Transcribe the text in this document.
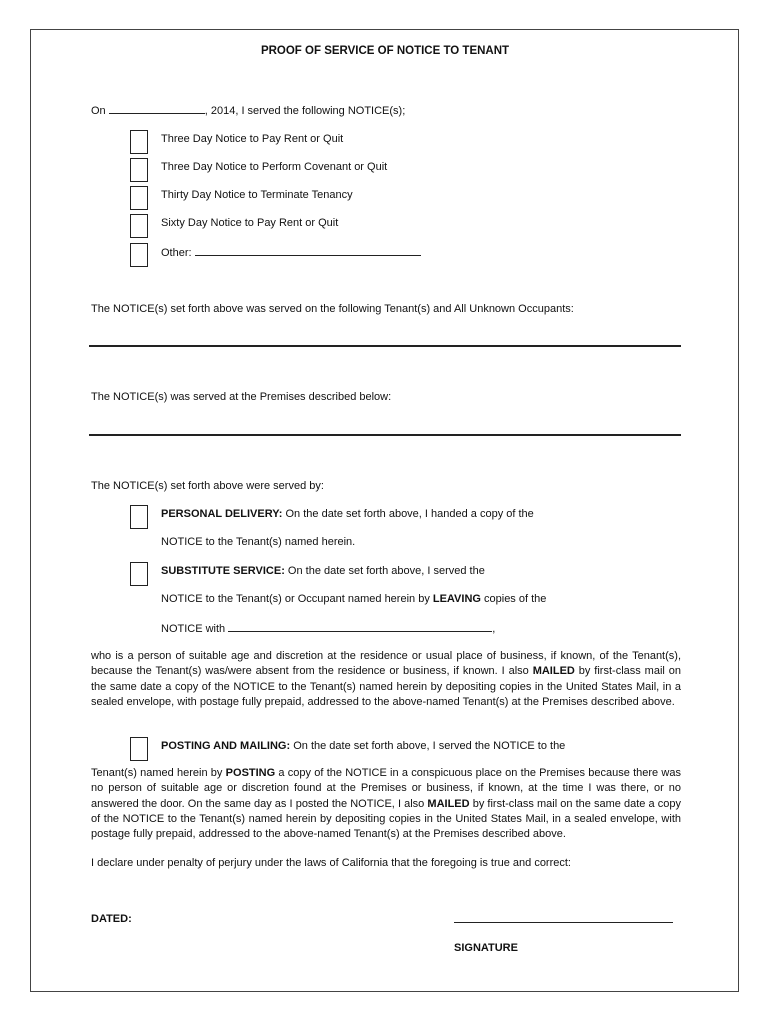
PROOF OF SERVICE OF NOTICE TO TENANT
On	, 2014, I served the following NOTICE(s);
Three Day Notice to Pay Rent or Quit
Three Day Notice to Perform Covenant or Quit
Thirty Day Notice to Terminate Tenancy
Sixty Day Notice to Pay Rent or Quit
Other:
The NOTICE(s) set forth above was served on the following Tenant(s) and All Unknown Occupants:
The NOTICE(s) was served at the Premises described below:
The NOTICE(s) set forth above were served by:
PERSONAL DELIVERY: On the date set forth above, I handed a copy of the
NOTICE to the Tenant(s) named herein.
SUBSTITUTE SERVICE: On the date set forth above, I served the
NOTICE to the Tenant(s) or Occupant named herein by LEAVING copies of the
NOTICE with	,
who is a person of suitable age and discretion at the residence or usual place of business, if known, of the Tenant(s), because the Tenant(s) was/were absent from the residence or business, if known. I also MAILED by first-class mail on the same date a copy of the NOTICE to the Tenant(s) named herein by depositing copies in the United States Mail, in a sealed envelope, with postage fully prepaid, addressed to the above-named Tenant(s) at the Premises described above.
POSTING AND MAILING: On the date set forth above, I served the NOTICE to the
Tenant(s) named herein by POSTING a copy of the NOTICE in a conspicuous place on the Premises because there was no person of suitable age or discretion found at the Premises or business, if known, at the time I was there, or no answered the door. On the same day as I posted the NOTICE, I also MAILED by first-class mail on the same date a copy of the NOTICE to the Tenant(s) named herein by depositing copies in the United States Mail, in a sealed envelope, with postage fully prepaid, addressed to the above-named Tenant(s) at the Premises described above.
I declare under penalty of perjury under the laws of California that the foregoing is true and correct:
DATED:
SIGNATURE
